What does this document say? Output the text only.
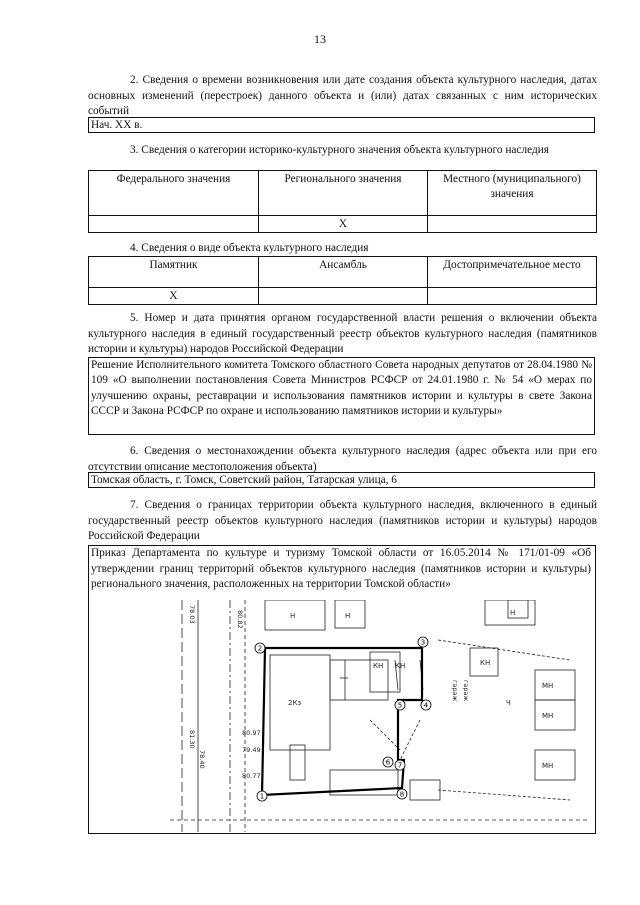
13
2. Сведения о времени возникновения или дате создания объекта культурного наследия, датах основных изменений (перестроек) данного объекта и (или) датах связанных с ним исторических событий
Нач. ХХ в.
3. Сведения о категории историко-культурного значения объекта культурного наследия
Федерального значения	Регионального значения	Местного (муниципального) значения
	X	
4. Сведения о виде объекта культурного наследия
Памятник	Ансамбль	Достопримечательное место
X		
5. Номер и дата принятия органом государственной власти решения о включении объекта культурного наследия в единый государственный реестр объектов культурного наследия (памятников истории и культуры) народов Российской Федерации
Решение Исполнительного комитета Томского областного Совета народных депутатов от 28.04.1980 № 109 «О выполнении постановления Совета Министров РСФСР от 24.01.1980 г. № 54 «О мерах по улучшению охраны, реставрации и использования памятников истории и культуры в свете Закона СССР и Закона РСФСР по охране и использованию памятников истории и культуры»
6. Сведения о местонахождении объекта культурного наследия (адрес объекта или при его отсутствии описание местоположения объекта)
Томская область, г. Томск, Советский район, Татарская улица, 6
7. Сведения о границах территории объекта культурного наследия, включенного в единый государственный реестр объектов культурного наследия (памятников истории и культуры) народов Российской Федерации
Приказ Департамента по культуре и туризму Томской области от 16.05.2014 № 171/01-09 «Об утверждении границ территорий объектов культурного наследия (памятников истории и культуры) регионального значения, расположенных на территории Томской области»
1
2
3
4
5
6 7
8
2Кз
КН КН	КН
МН
МН
МН
Н	Н	Н
Ч
гараж гараж
81.30	80.97
78.03	80.82
79.49
80.77
78.40
